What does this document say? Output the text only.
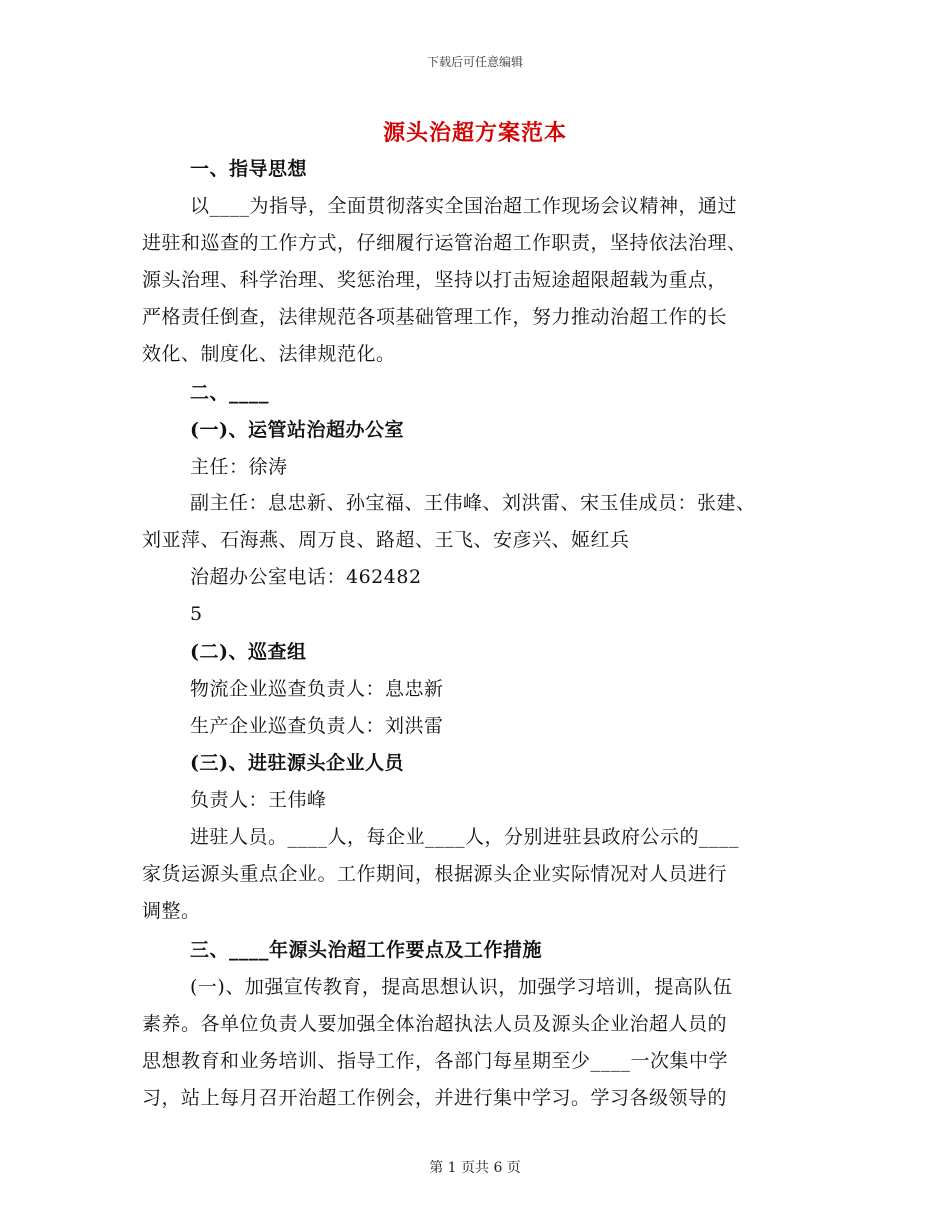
下载后可任意编辑
源头治超方案范本
一、指导思想
以____为指导，全面贯彻落实全国治超工作现场会议精神，通过
进驻和巡查的工作方式，仔细履行运管治超工作职责，坚持依法治理、
源头治理、科学治理、奖惩治理，坚持以打击短途超限超载为重点，
严格责任倒查，法律规范各项基础管理工作，努力推动治超工作的长
效化、制度化、法律规范化。
二、____
(一)、运管站治超办公室
主任：徐涛
副主任：息忠新、孙宝福、王伟峰、刘洪雷、宋玉佳成员：张建、
刘亚萍、石海燕、周万良、路超、王飞、安彦兴、姬红兵
治超办公室电话：462482
5
(二)、巡查组
物流企业巡查负责人：息忠新
生产企业巡查负责人：刘洪雷
(三)、进驻源头企业人员
负责人：王伟峰
进驻人员。____人，每企业____人，分别进驻县政府公示的____
家货运源头重点企业。工作期间，根据源头企业实际情况对人员进行
调整。
三、____年源头治超工作要点及工作措施
(一)、加强宣传教育，提高思想认识，加强学习培训，提高队伍
素养。各单位负责人要加强全体治超执法人员及源头企业治超人员的
思想教育和业务培训、指导工作，各部门每星期至少____一次集中学
习，站上每月召开治超工作例会，并进行集中学习。学习各级领导的
第 1 页共 6 页
